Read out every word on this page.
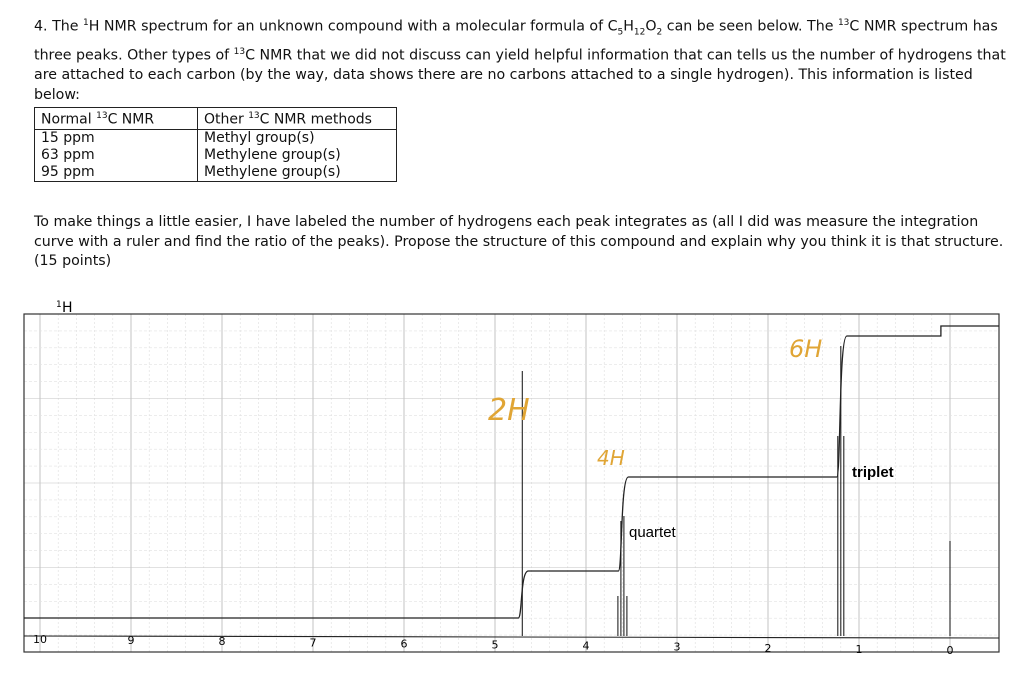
4. The $^1$H NMR spectrum for an unknown compound with a molecular formula of $C_5H_{12}O_2$ can be seen below. The $^{13}$C NMR spectrum has three peaks. Other types of $^{13}$C NMR that we did not discuss can yield helpful information that can tells us the number of hydrogens that are attached to each carbon (by the way, data shows there are no carbons attached to a single hydrogen). This information is listed below:
Normal $^{13}$C NMR	Other $^{13}$C NMR methods
15 ppm	Methyl group(s)
63 ppm	Methylene group(s)
95 ppm	Methylene group(s)
To make things a little easier, I have labeled the number of hydrogens each peak integrates as (all I did was measure the integration curve with a ruler and find the ratio of the peaks). Propose the structure of this compound and explain why you think it is that structure. (15 points)
1 H
10	9	8	7	6	5	4	3	2	1	0
quartet
triplet
2H
4H
6H
